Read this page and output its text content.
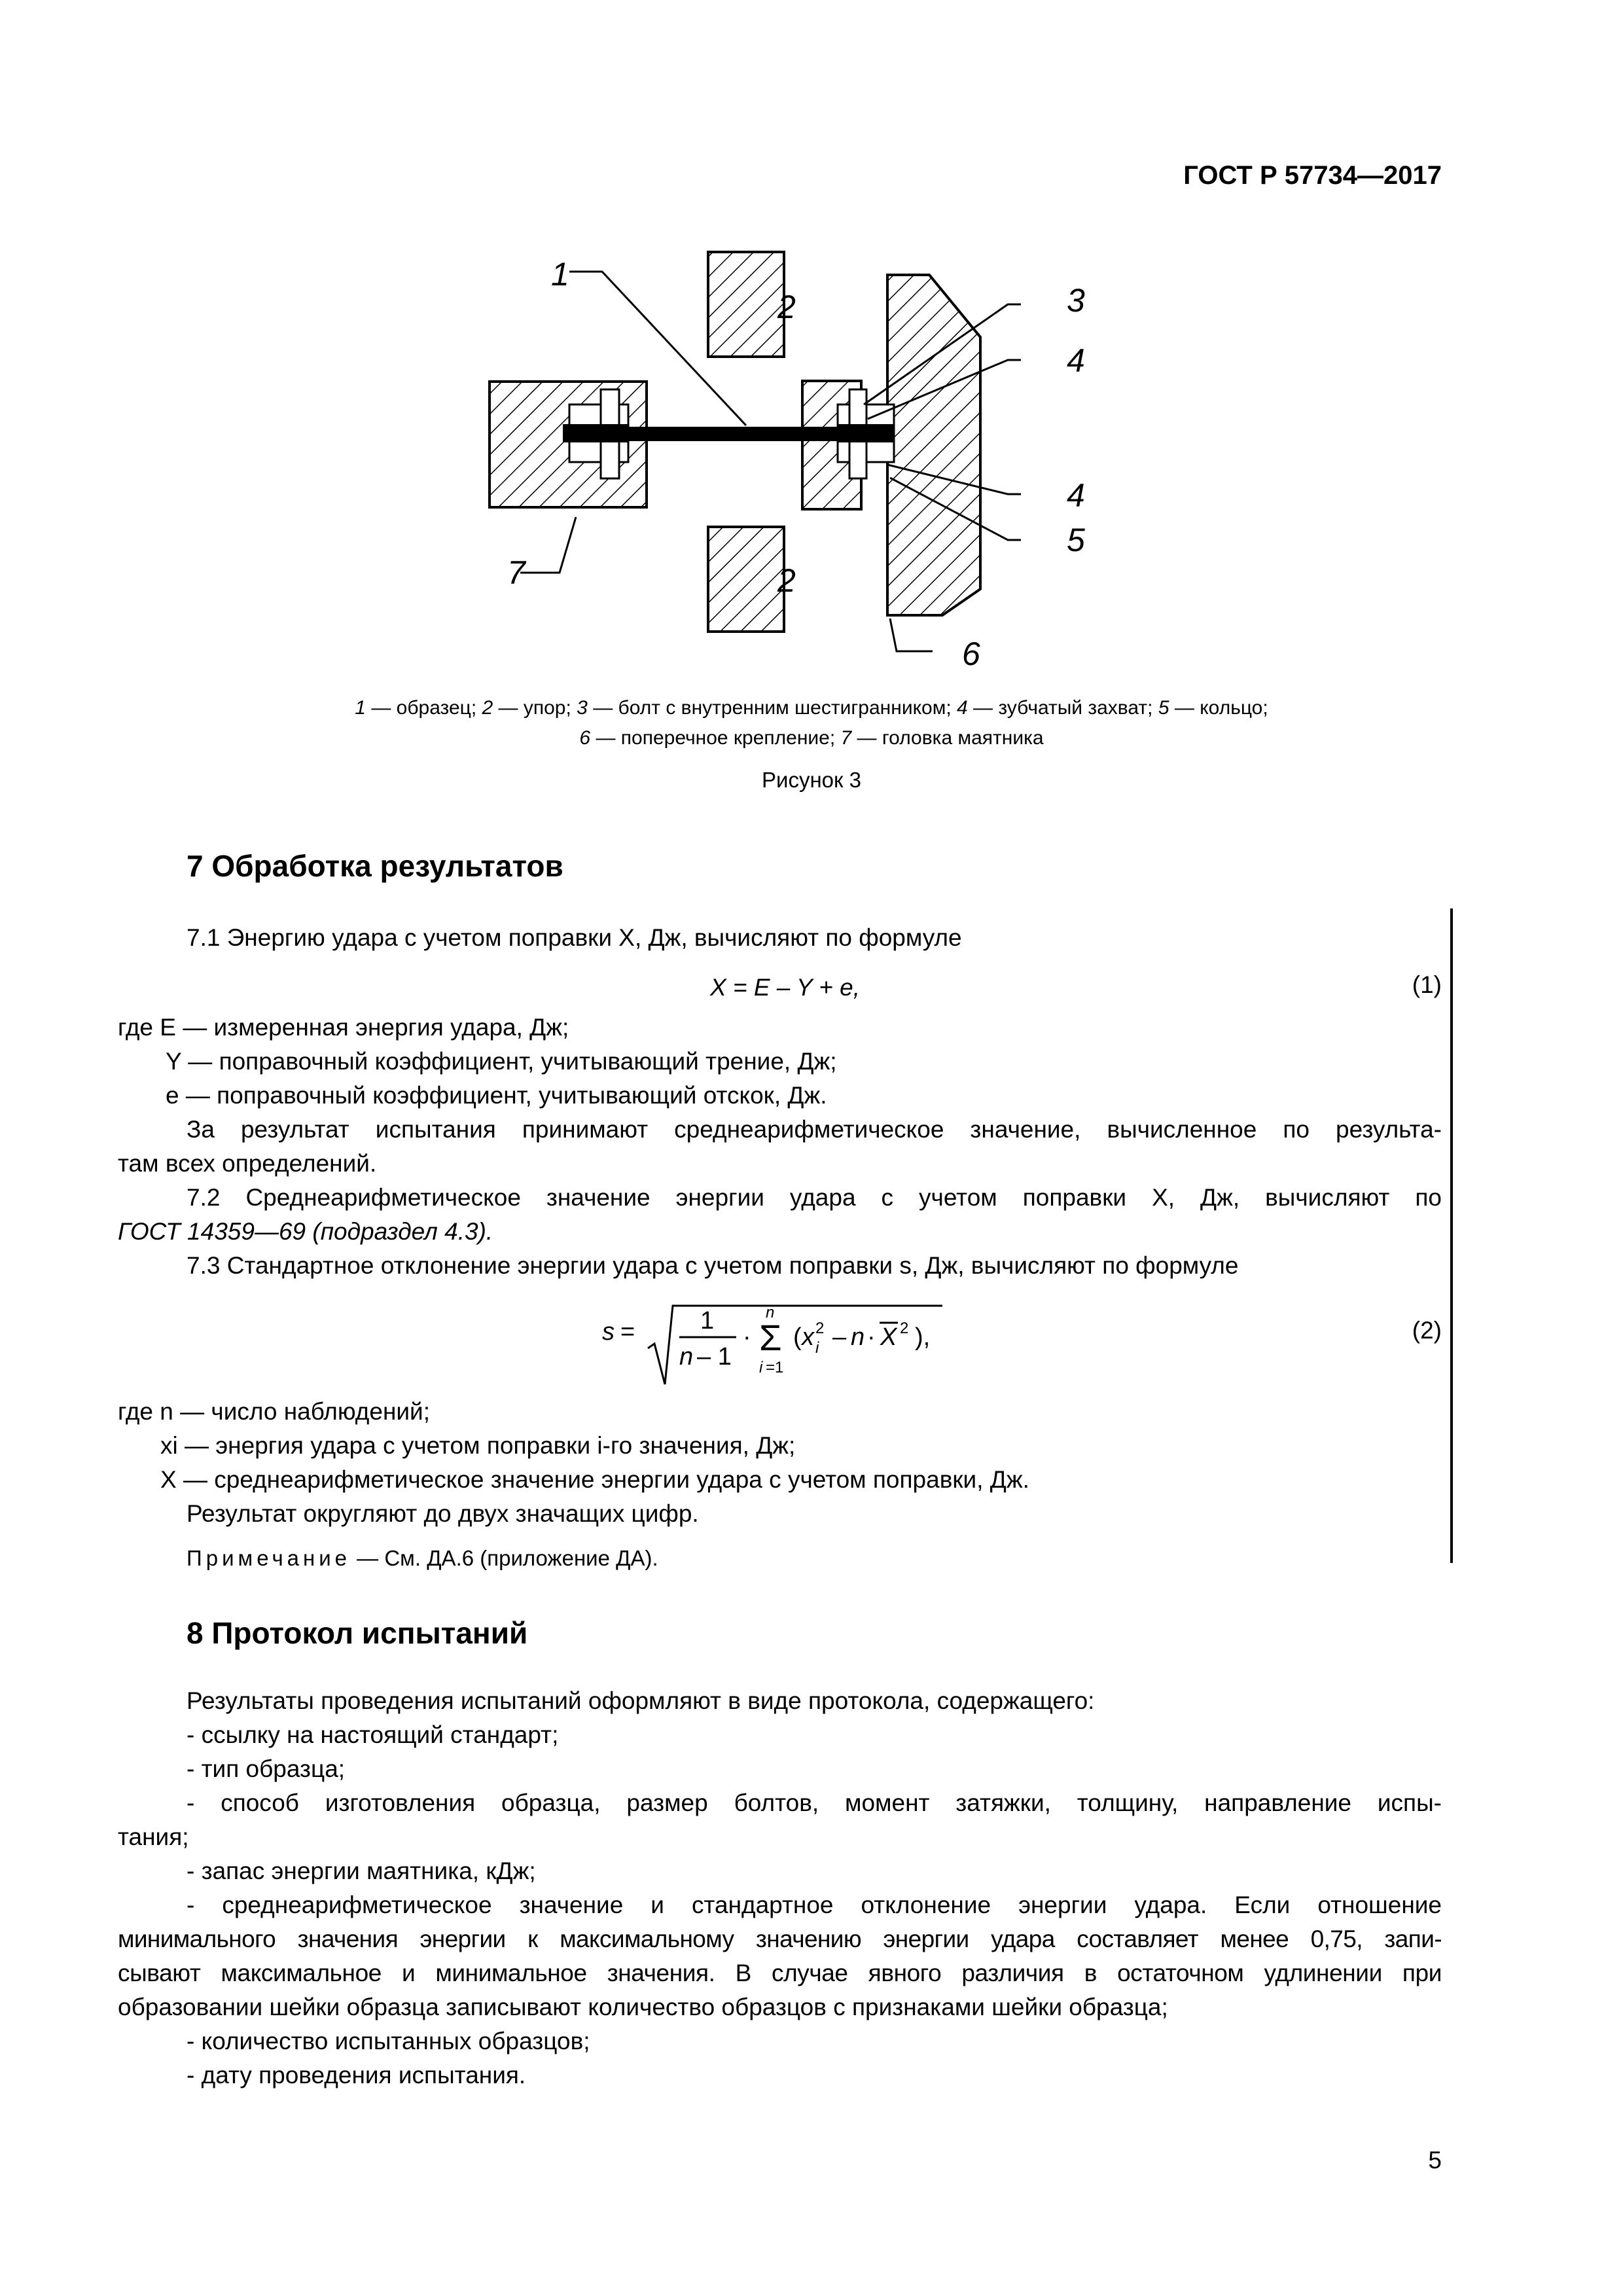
ГОСТ Р 57734—2017
1
2
2
3
4
4
5
6
7
1 — образец; 2 — упор; 3 — болт с внутренним шестигранником; 4 — зубчатый захват; 5 — кольцо;
6 — поперечное крепление; 7 — головка маятника
Рисунок 3
7 Обработка результатов
7.1 Энергию удара с учетом поправки X, Дж, вычисляют по формуле
X = E – Y + e,	(1)
где E — измеренная энергия удара, Дж;
Y — поправочный коэффициент, учитывающий трение, Дж;
e — поправочный коэффициент, учитывающий отскок, Дж.
За результат испытания принимают среднеарифметическое значение, вычисленное по результа-
там всех определений.
7.2 Среднеарифметическое значение энергии удара с учетом поправки X, Дж, вычисляют по
ГОСТ 14359—69 (подраздел 4.3).
7.3 Стандартное отклонение энергии удара с учетом поправки s, Дж, вычисляют по формуле
s =	1
n – 1
· Σ
n
i =1
( x 2
i – n · X 2 ),	(2)
где n — число наблюдений;
xi — энергия удара с учетом поправки i-го значения, Дж;
X — среднеарифметическое значение энергии удара с учетом поправки, Дж.
Результат округляют до двух значащих цифр.
Примечание — См. ДА.6 (приложение ДА).
8 Протокол испытаний
Результаты проведения испытаний оформляют в виде протокола, содержащего:
- ссылку на настоящий стандарт;
- тип образца;
- способ изготовления образца, размер болтов, момент затяжки, толщину, направление испы-
тания;
- запас энергии маятника, кДж;
- среднеарифметическое значение и стандартное отклонение энергии удара. Если отношение
минимального значения энергии к максимальному значению энергии удара составляет менее 0,75, запи-
сывают максимальное и минимальное значения. В случае явного различия в остаточном удлинении при
образовании шейки образца записывают количество образцов с признаками шейки образца;
- количество испытанных образцов;
- дату проведения испытания.
5
